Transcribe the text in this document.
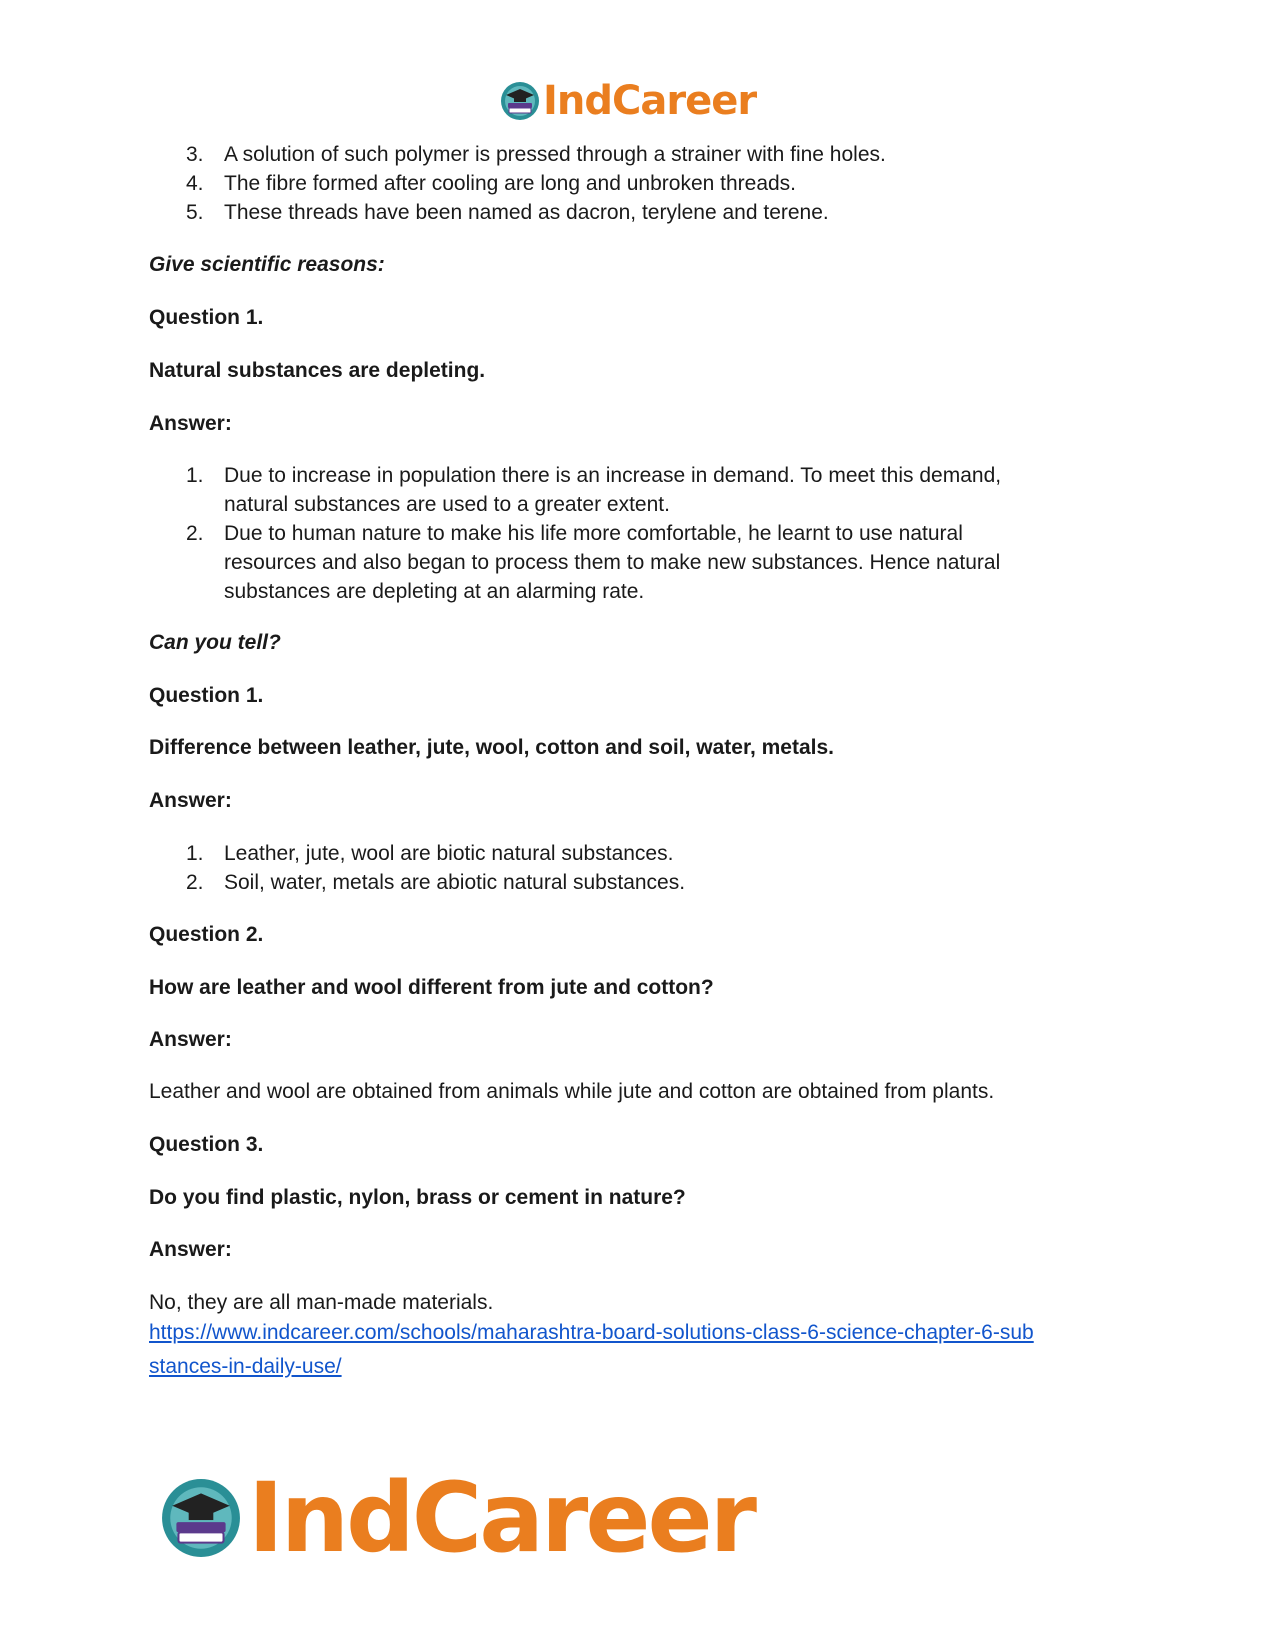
IndCareer
3. A solution of such polymer is pressed through a strainer with fine holes.
4. The fibre formed after cooling are long and unbroken threads.
5. These threads have been named as dacron, terylene and terene.
Give scientific reasons:
Question 1.
Natural substances are depleting.
Answer:
1. Due to increase in population there is an increase in demand. To meet this demand,
natural substances are used to a greater extent.
2. Due to human nature to make his life more comfortable, he learnt to use natural
resources and also began to process them to make new substances. Hence natural
substances are depleting at an alarming rate.
Can you tell?
Question 1.
Difference between leather, jute, wool, cotton and soil, water, metals.
Answer:
1. Leather, jute, wool are biotic natural substances.
2. Soil, water, metals are abiotic natural substances.
Question 2.
How are leather and wool different from jute and cotton?
Answer:
Leather and wool are obtained from animals while jute and cotton are obtained from plants.
Question 3.
Do you find plastic, nylon, brass or cement in nature?
Answer:
No, they are all man-made materials.
https://www.indcareer.com/schools/maharashtra-board-solutions-class-6-science-chapter-6-sub
stances-in-daily-use/
IndCareer
